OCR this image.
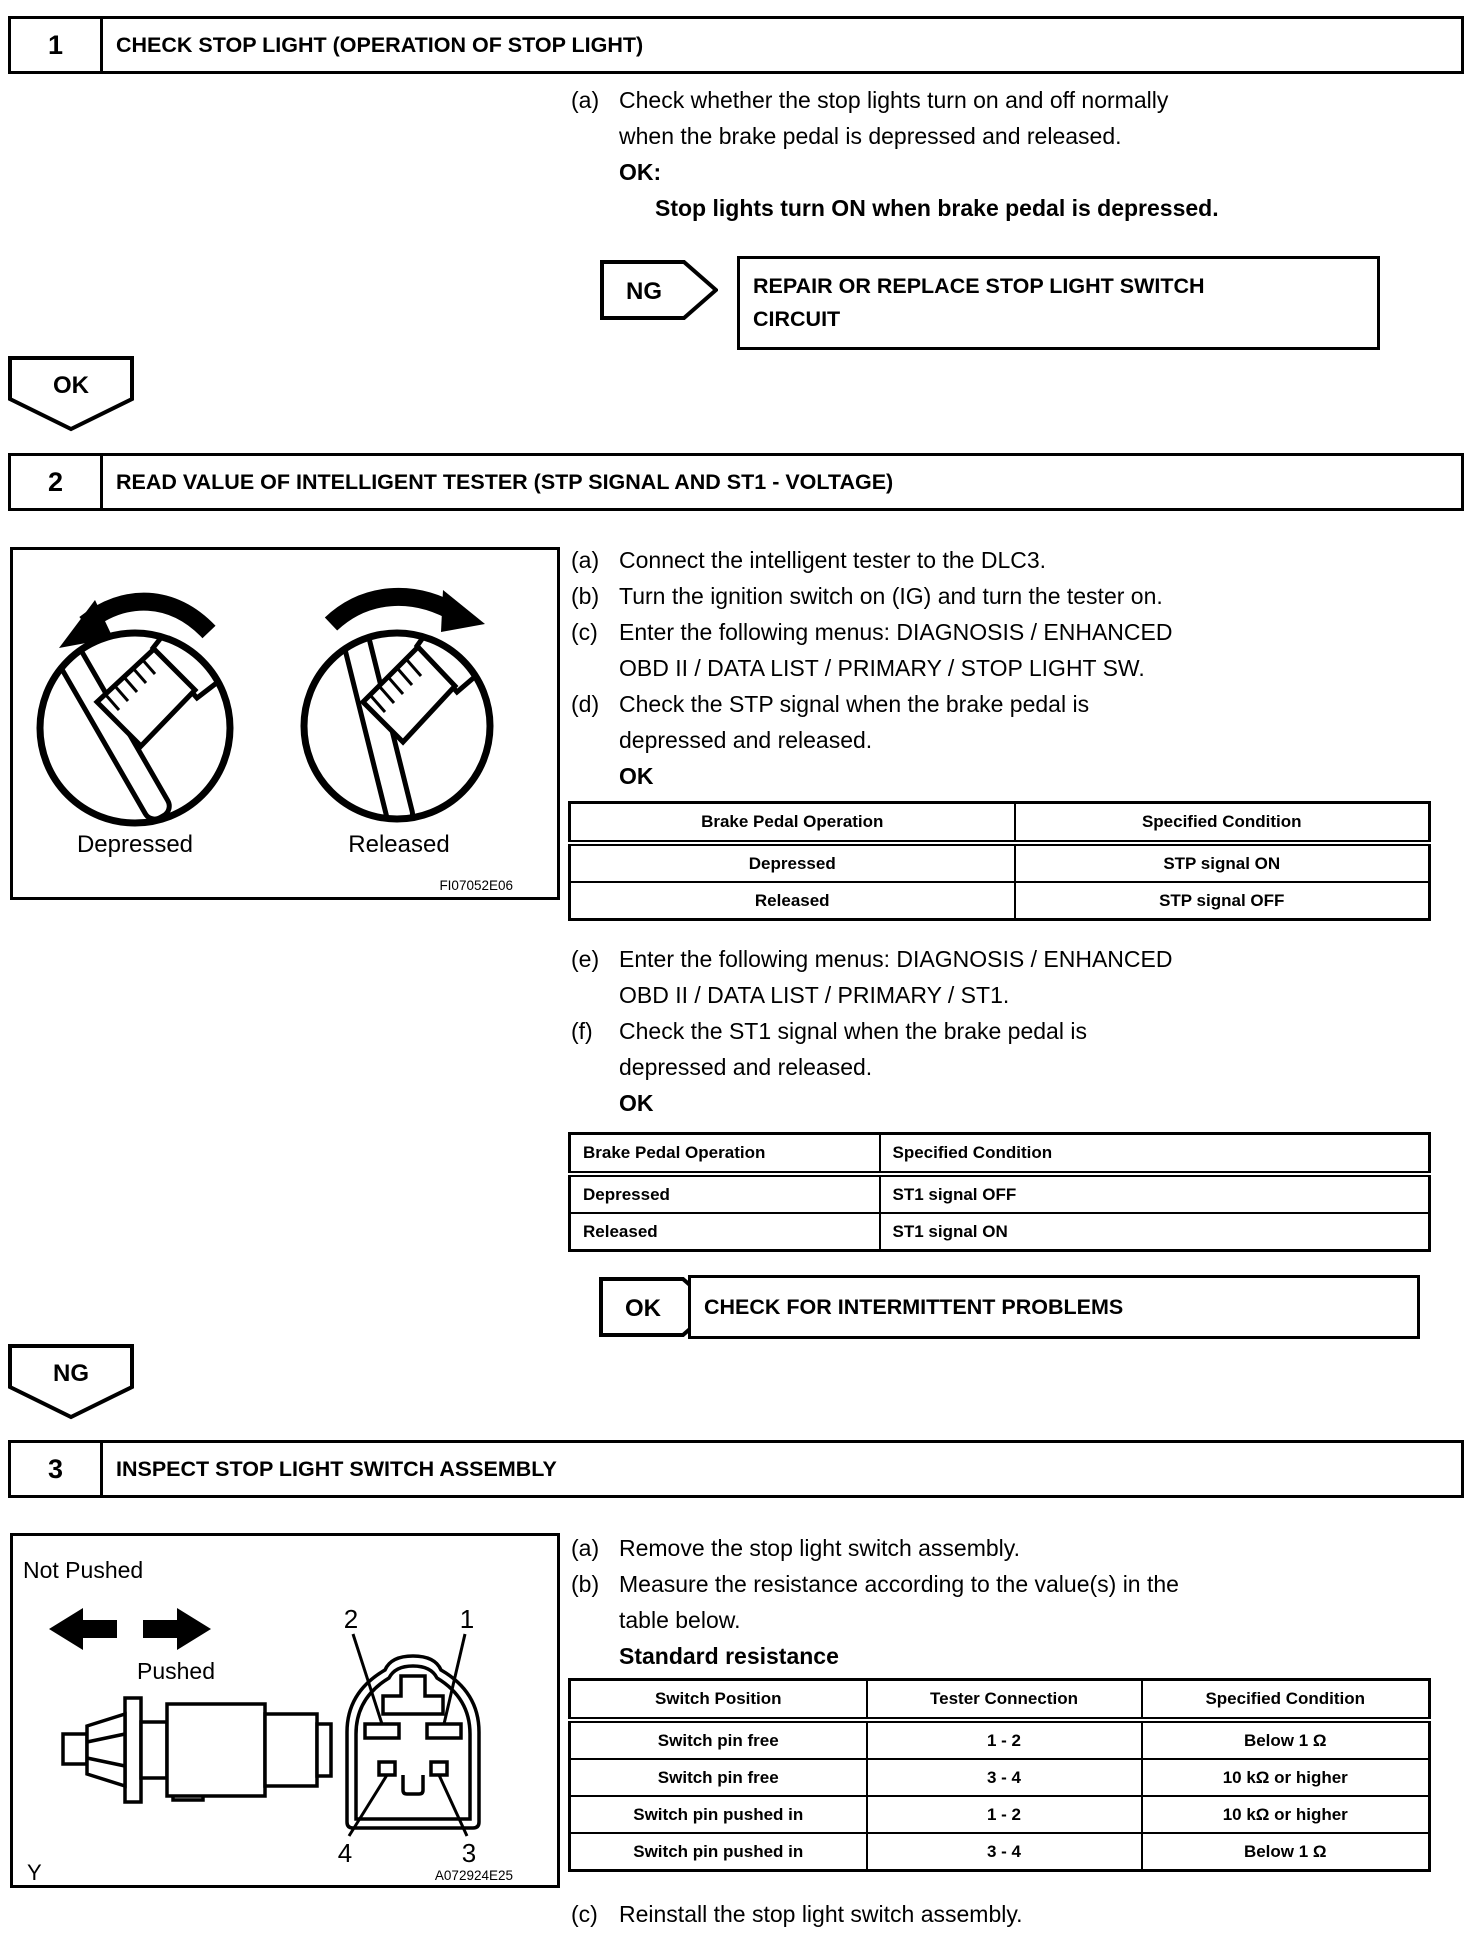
1	CHECK STOP LIGHT (OPERATION OF STOP LIGHT)
(a) Check whether the stop lights turn on and off normally
when the brake pedal is depressed and released.
OK:
Stop lights turn ON when brake pedal is depressed.
NG	REPAIR OR REPLACE STOP LIGHT SWITCH
CIRCUIT
OK
2	READ VALUE OF INTELLIGENT TESTER (STP SIGNAL AND ST1 - VOLTAGE)
Depressed	Released
FI07052E06
(a) Connect the intelligent tester to the DLC3.
(b) Turn the ignition switch on (IG) and turn the tester on.
(c) Enter the following menus: DIAGNOSIS / ENHANCED
OBD II / DATA LIST / PRIMARY / STOP LIGHT SW.
(d) Check the STP signal when the brake pedal is
depressed and released.
OK
Brake Pedal Operation	Specified Condition
Depressed	STP signal ON
Released	STP signal OFF
(e) Enter the following menus: DIAGNOSIS / ENHANCED
OBD II / DATA LIST / PRIMARY / ST1.
(f) Check the ST1 signal when the brake pedal is
depressed and released.
OK
Brake Pedal Operation	Specified Condition
Depressed	ST1 signal OFF
Released	ST1 signal ON
OK CHECK FOR INTERMITTENT PROBLEMS
NG
3	INSPECT STOP LIGHT SWITCH ASSEMBLY
Not Pushed
Pushed
2	1
4	3
Y	A072924E25
(a) Remove the stop light switch assembly.
(b) Measure the resistance according to the value(s) in the
table below.
Standard resistance
Switch Position	Tester Connection	Specified Condition
Switch pin free	1 - 2	Below 1 Ω
Switch pin free	3 - 4	10 kΩ or higher
Switch pin pushed in	1 - 2	10 kΩ or higher
Switch pin pushed in	3 - 4	Below 1 Ω
(c) Reinstall the stop light switch assembly.
